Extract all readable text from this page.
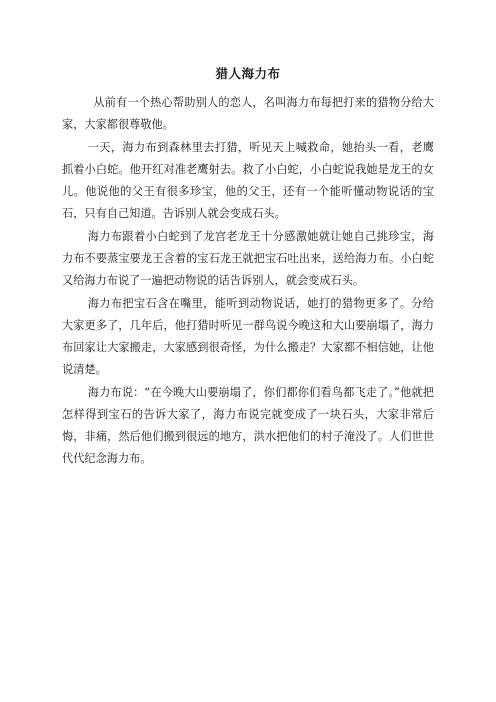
猎人海力布

从前有一个热心帮助别人的恋人，名叫海力布每把打来的猎物分给大家，大家都很尊敬他。

一天，海力布到森林里去打猎，听见天上喊救命，她抬头一看，老鹰抓着小白蛇。他开红对准老鹰射去。救了小白蛇，小白蛇说我她是龙王的女儿。他说他的父王有很多珍宝，他的父王，还有一个能听懂动物说话的宝石，只有自己知道。告诉别人就会变成石头。

海力布跟着小白蛇到了龙宫老龙王十分感激她就让她自己挑珍宝，海力布不要蒸宝要龙王含着的宝石龙王就把宝石吐出来，送给海力布。小白蛇又给海力布说了一遍把动物说的话告诉别人，就会变成石头。

海力布把宝石含在嘴里，能听到动物说话，她打的猎物更多了。分给大家更多了，几年后，他打猎时听见一群鸟说今晚这和大山要崩塌了，海力布回家让大家搬走，大家感到很奇怪，为什么搬走？大家都不相信她，让他说清楚。

海力布说：“在今晚大山要崩塌了，你们都你们看鸟都飞走了。”他就把怎样得到宝石的告诉大家了，海力布说完就变成了一块石头，大家非常后悔，非痛，然后他们搬到很远的地方，洪水把他们的村子淹没了。人们世世代代纪念海力布。
